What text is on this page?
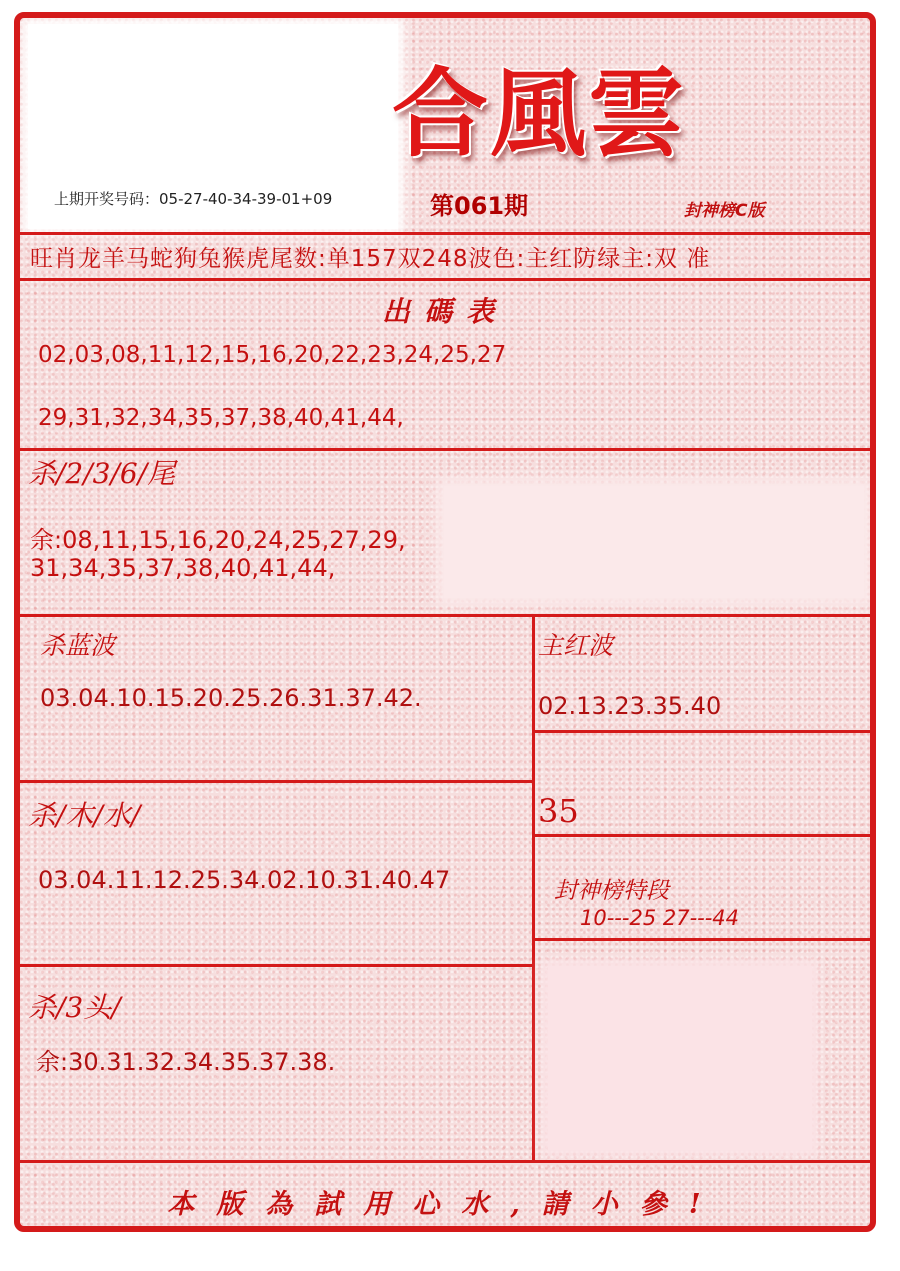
合風雲
上期开奖号码：05-27-40-34-39-01+09	第061期	封神榜C版
旺肖龙羊马蛇狗兔猴虎尾数:单157双248波色:主红防绿主:双 准
出碼表
02,03,08,11,12,15,16,20,22,23,24,25,27
29,31,32,34,35,37,38,40,41,44,
杀/2/3/6/尾
余:08,11,15,16,20,24,25,27,29,
31,34,35,37,38,40,41,44,
杀蓝波
03.04.10.15.20.25.26.31.37.42.
杀/木/水/
03.04.11.12.25.34.02.10.31.40.47
杀/3头/
余:30.31.32.34.35.37.38.
主红波
02.13.23.35.40
35
封神榜特段
10---25 27---44
本版為試用心水,請小參!
